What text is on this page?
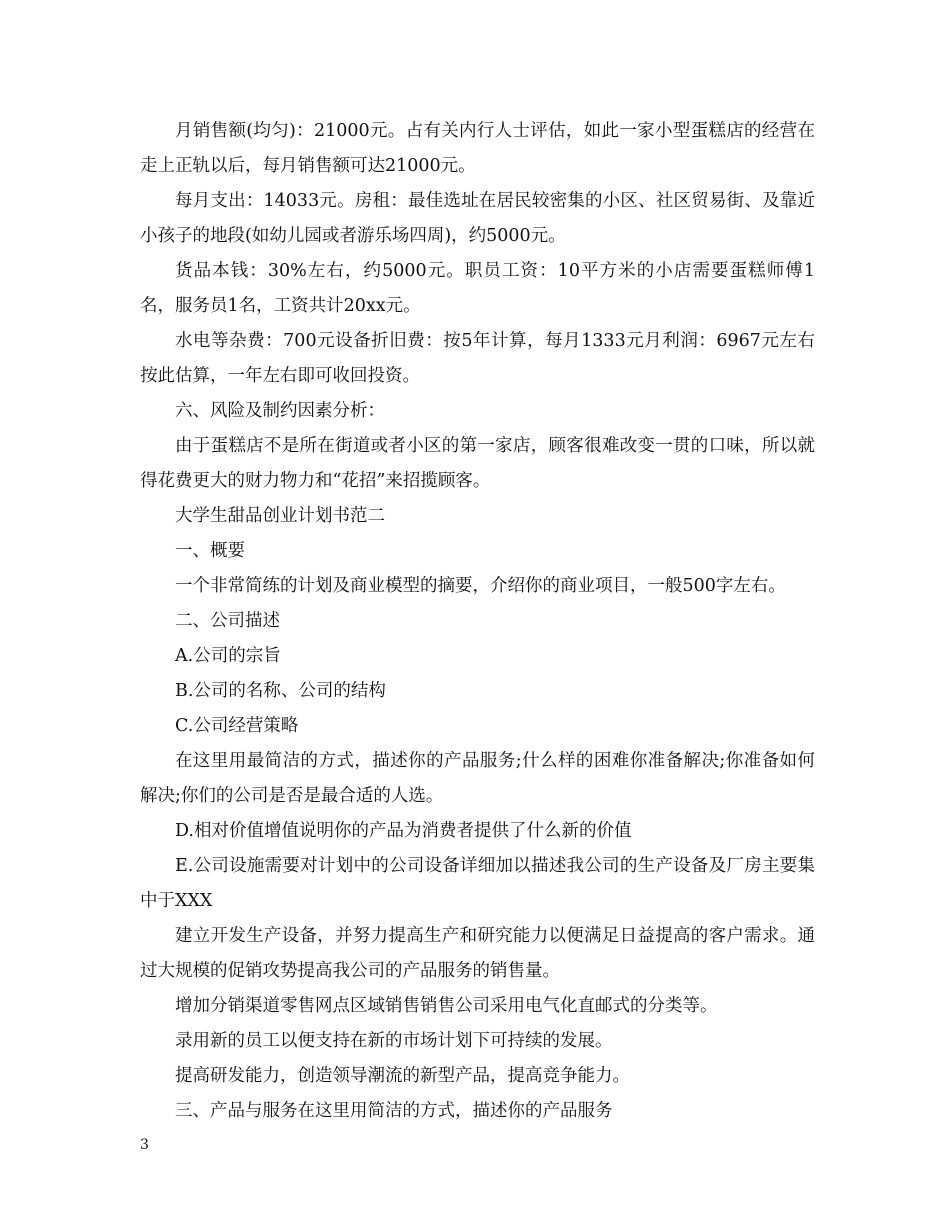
月销售额(均匀)：21000元。占有关内行人士评估，如此一家小型蛋糕店的经营在走上正轨以后，每月销售额可达21000元。

每月支出：14033元。房租：最佳选址在居民较密集的小区、社区贸易街、及靠近小孩子的地段(如幼儿园或者游乐场四周)，约5000元。

货品本钱：30%左右，约5000元。职员工资：10平方米的小店需要蛋糕师傅1名，服务员1名，工资共计20xx元。

水电等杂费：700元设备折旧费：按5年计算，每月1333元月利润：6967元左右按此估算，一年左右即可收回投资。

六、风险及制约因素分析：

由于蛋糕店不是所在街道或者小区的第一家店，顾客很难改变一贯的口味，所以就得花费更大的财力物力和“花招”来招揽顾客。

大学生甜品创业计划书范二

一、概要

一个非常简练的计划及商业模型的摘要，介绍你的商业项目，一般500字左右。

二、公司描述

A.公司的宗旨

B.公司的名称、公司的结构

C.公司经营策略

在这里用最简洁的方式，描述你的产品服务;什么样的困难你准备解决;你准备如何解决;你们的公司是否是最合适的人选。

D.相对价值增值说明你的产品为消费者提供了什么新的价值

E.公司设施需要对计划中的公司设备详细加以描述我公司的生产设备及厂房主要集中于XXX

建立开发生产设备，并努力提高生产和研究能力以便满足日益提高的客户需求。通过大规模的促销攻势提高我公司的产品服务的销售量。

增加分销渠道零售网点区域销售销售公司采用电气化直邮式的分类等。

录用新的员工以便支持在新的市场计划下可持续的发展。

提高研发能力，创造领导潮流的新型产品，提高竞争能力。

三、产品与服务在这里用简洁的方式，描述你的产品服务

3
